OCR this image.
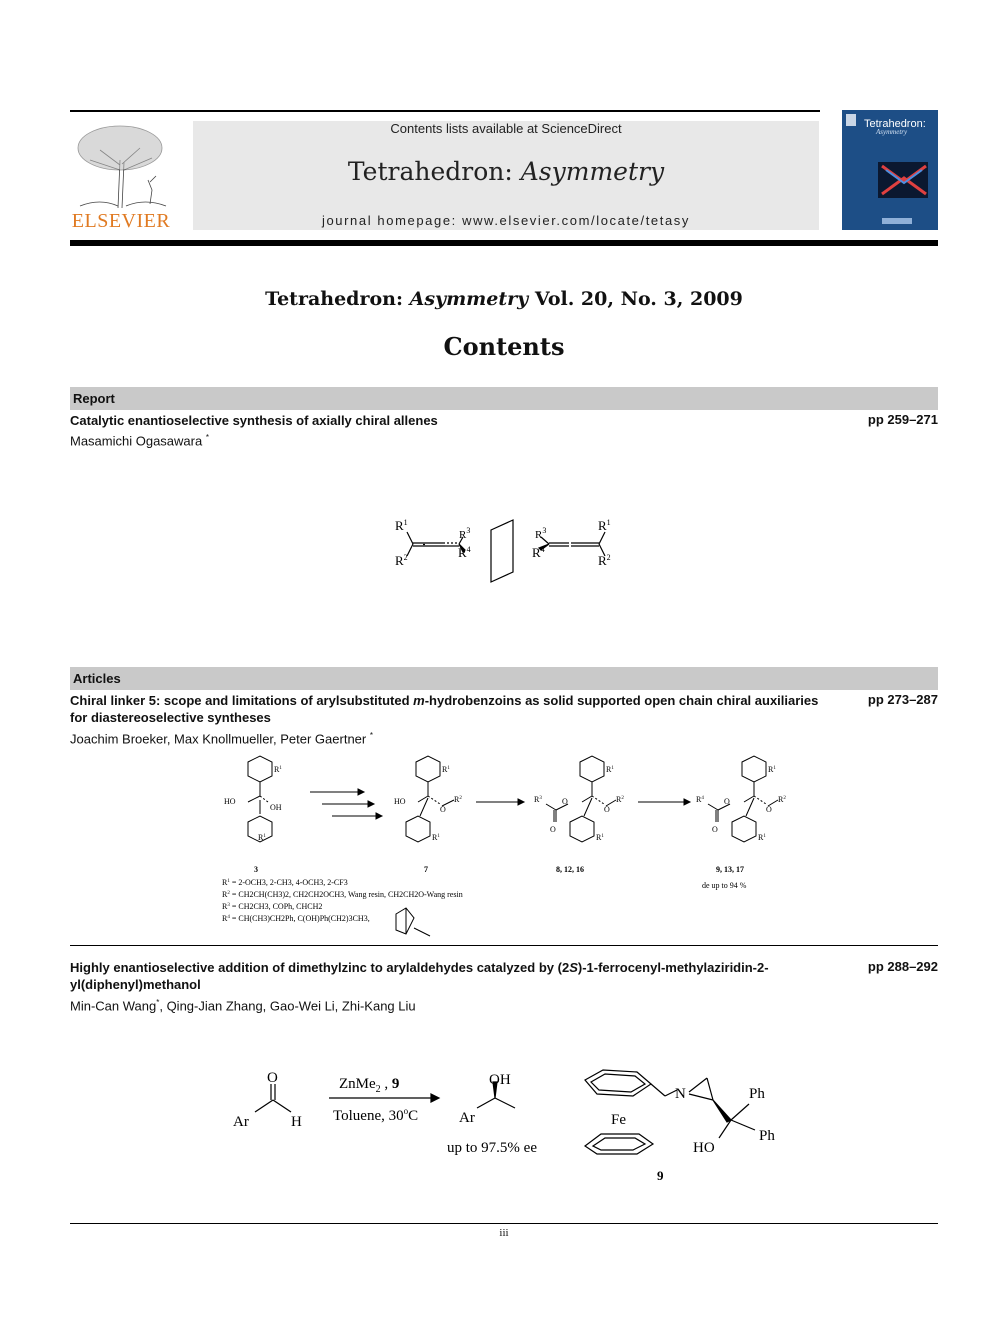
ELSEVIER
Contents lists available at ScienceDirect
Tetrahedron: Asymmetry
journal homepage: www.elsevier.com/locate/tetasy
Tetrahedron:
Asymmetry
Tetrahedron: Asymmetry Vol. 20, No. 3, 2009
Contents
Report
Catalytic enantioselective synthesis of axially chiral allenes	pp 259–271
Masamichi Ogasawara *
$R^1$
$R^2$
$R^3$
$R^4$
$R^3$
$R^4$
$R^1$
$R^2$
Articles
Chiral linker 5: scope and limitations of arylsubstituted m-hydrobenzoins as solid supported open chain chiral auxiliaries for diastereoselective syntheses
pp 273–287
Joachim Broeker, Max Knollmueller, Peter Gaertner *
$R^1$
HO
OH
$R^1$
3
$R^1$
HO
O
$R^2$
$R^1$
7
$R^1$
$R^3$	O
O
O
$R^2$
$R^1$
8, 12, 16
$R^1$
$R^4$	O
O
O
$R^2$
$R^1$
9, 13, 17
de up to 94 %
$R^1 = 2-OCH3$, 2-CH3, 4-OCH3, 2-CF3
$R^2 = CH2CH(CH3)2$, CH2CH2OCH3, Wang resin, CH2CH2O-Wang resin
$R^3 = CH2CH3$, COPh, CHCH2
$R^4 = CH(CH3)CH2Ph$, C(OH)Ph(CH2)3CH3,
Highly enantioselective addition of dimethylzinc to arylaldehydes catalyzed by (2S)-1-ferrocenyl-methylaziridin-2-yl(diphenyl)methanol
pp 288–292
Min-Can Wang*, Qing-Jian Zhang, Gao-Wei Li, Zhi-Kang Liu
O
Ar	H
ZnMe$_2$ , 9
Toluene, 30$^o$C
OH
Ar
up to 97.5% ee
N
Fe
Ph
Ph
HO
9
iii
